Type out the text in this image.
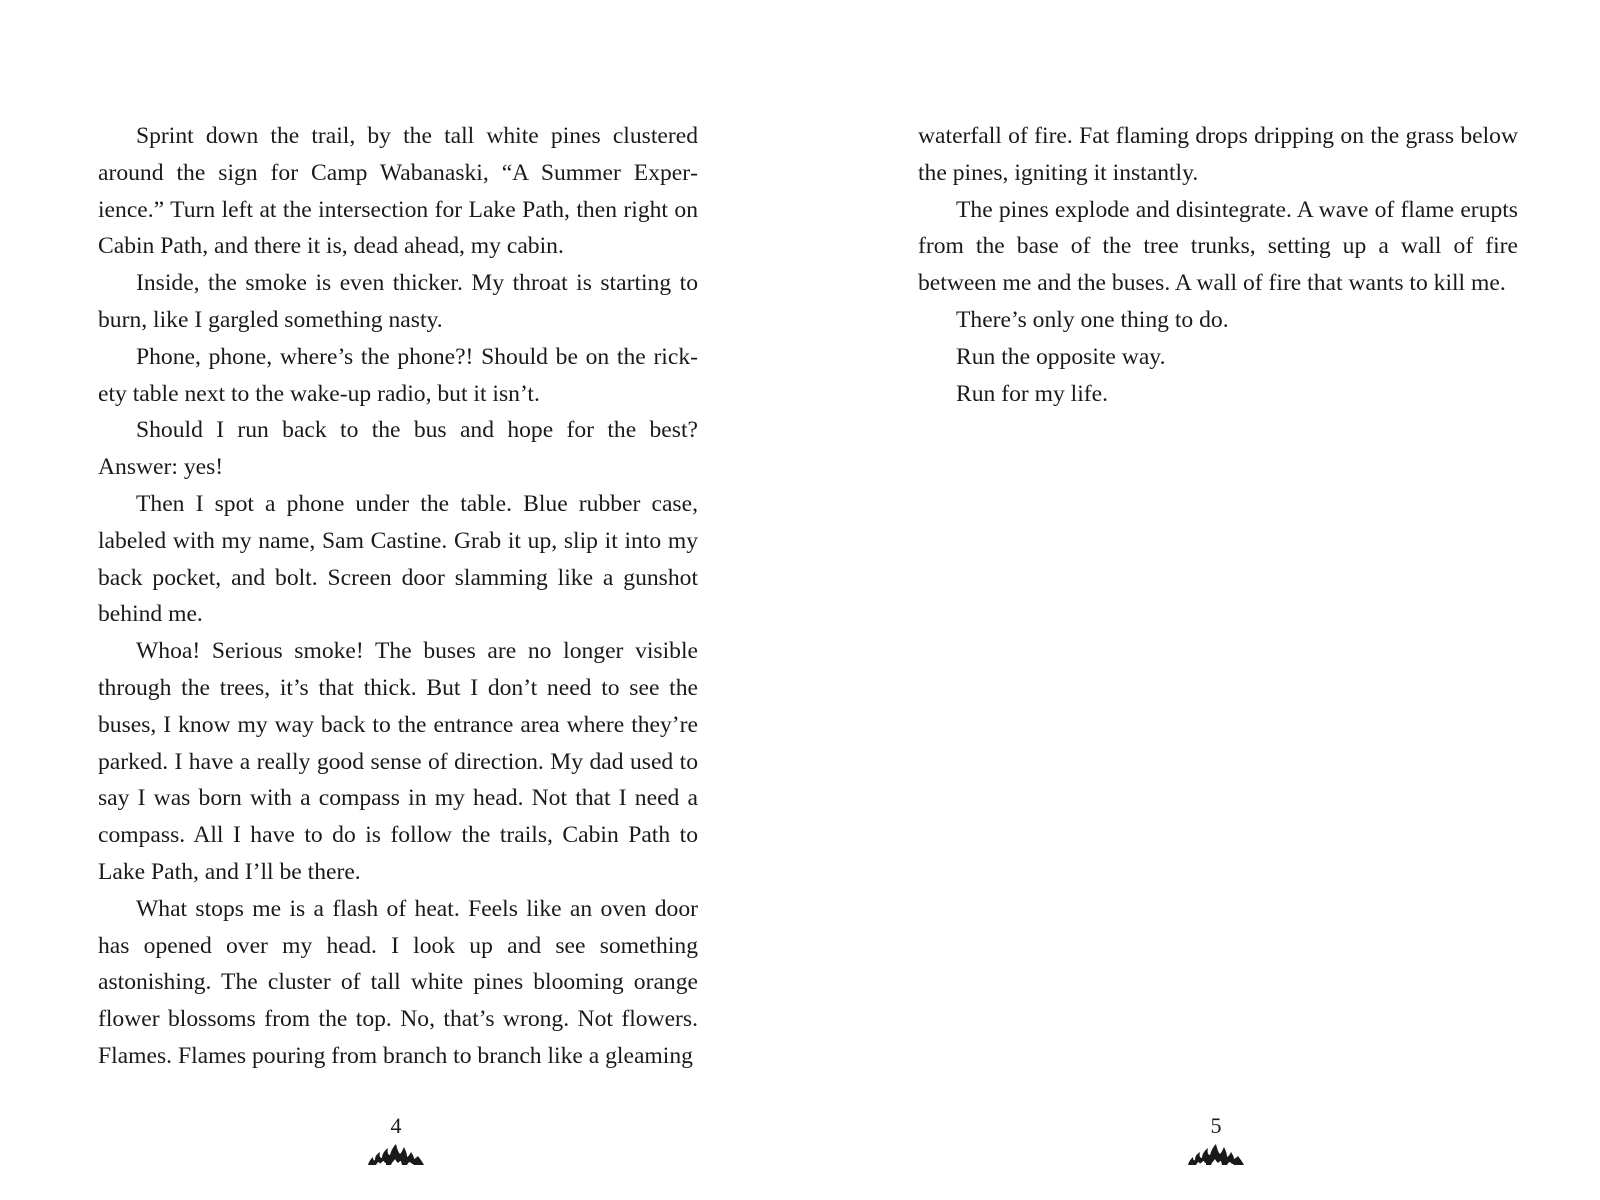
Sprint down the trail, by the tall white pines clustered around the sign for Camp Wabanaski, “A Summer Experience.” Turn left at the intersection for Lake Path, then right on Cabin Path, and there it is, dead ahead, my cabin.

Inside, the smoke is even thicker. My throat is starting to burn, like I gargled something nasty.

Phone, phone, where’s the phone?! Should be on the rickety table next to the wake-up radio, but it isn’t.

Should I run back to the bus and hope for the best? Answer: yes!

Then I spot a phone under the table. Blue rubber case, labeled with my name, Sam Castine. Grab it up, slip it into my back pocket, and bolt. Screen door slamming like a gunshot behind me.

Whoa! Serious smoke! The buses are no longer visible through the trees, it’s that thick. But I don’t need to see the buses, I know my way back to the entrance area where they’re parked. I have a really good sense of direction. My dad used to say I was born with a compass in my head. Not that I need a compass. All I have to do is follow the trails, Cabin Path to Lake Path, and I’ll be there.

What stops me is a flash of heat. Feels like an oven door has opened over my head. I look up and see something astonishing. The cluster of tall white pines blooming orange flower blossoms from the top. No, that’s wrong. Not flowers. Flames. Flames pouring from branch to branch like a gleaming

waterfall of fire. Fat flaming drops dripping on the grass below the pines, igniting it instantly.

The pines explode and disintegrate. A wave of flame erupts from the base of the tree trunks, setting up a wall of fire between me and the buses. A wall of fire that wants to kill me.

There’s only one thing to do.

Run the opposite way.

Run for my life.

4	5
